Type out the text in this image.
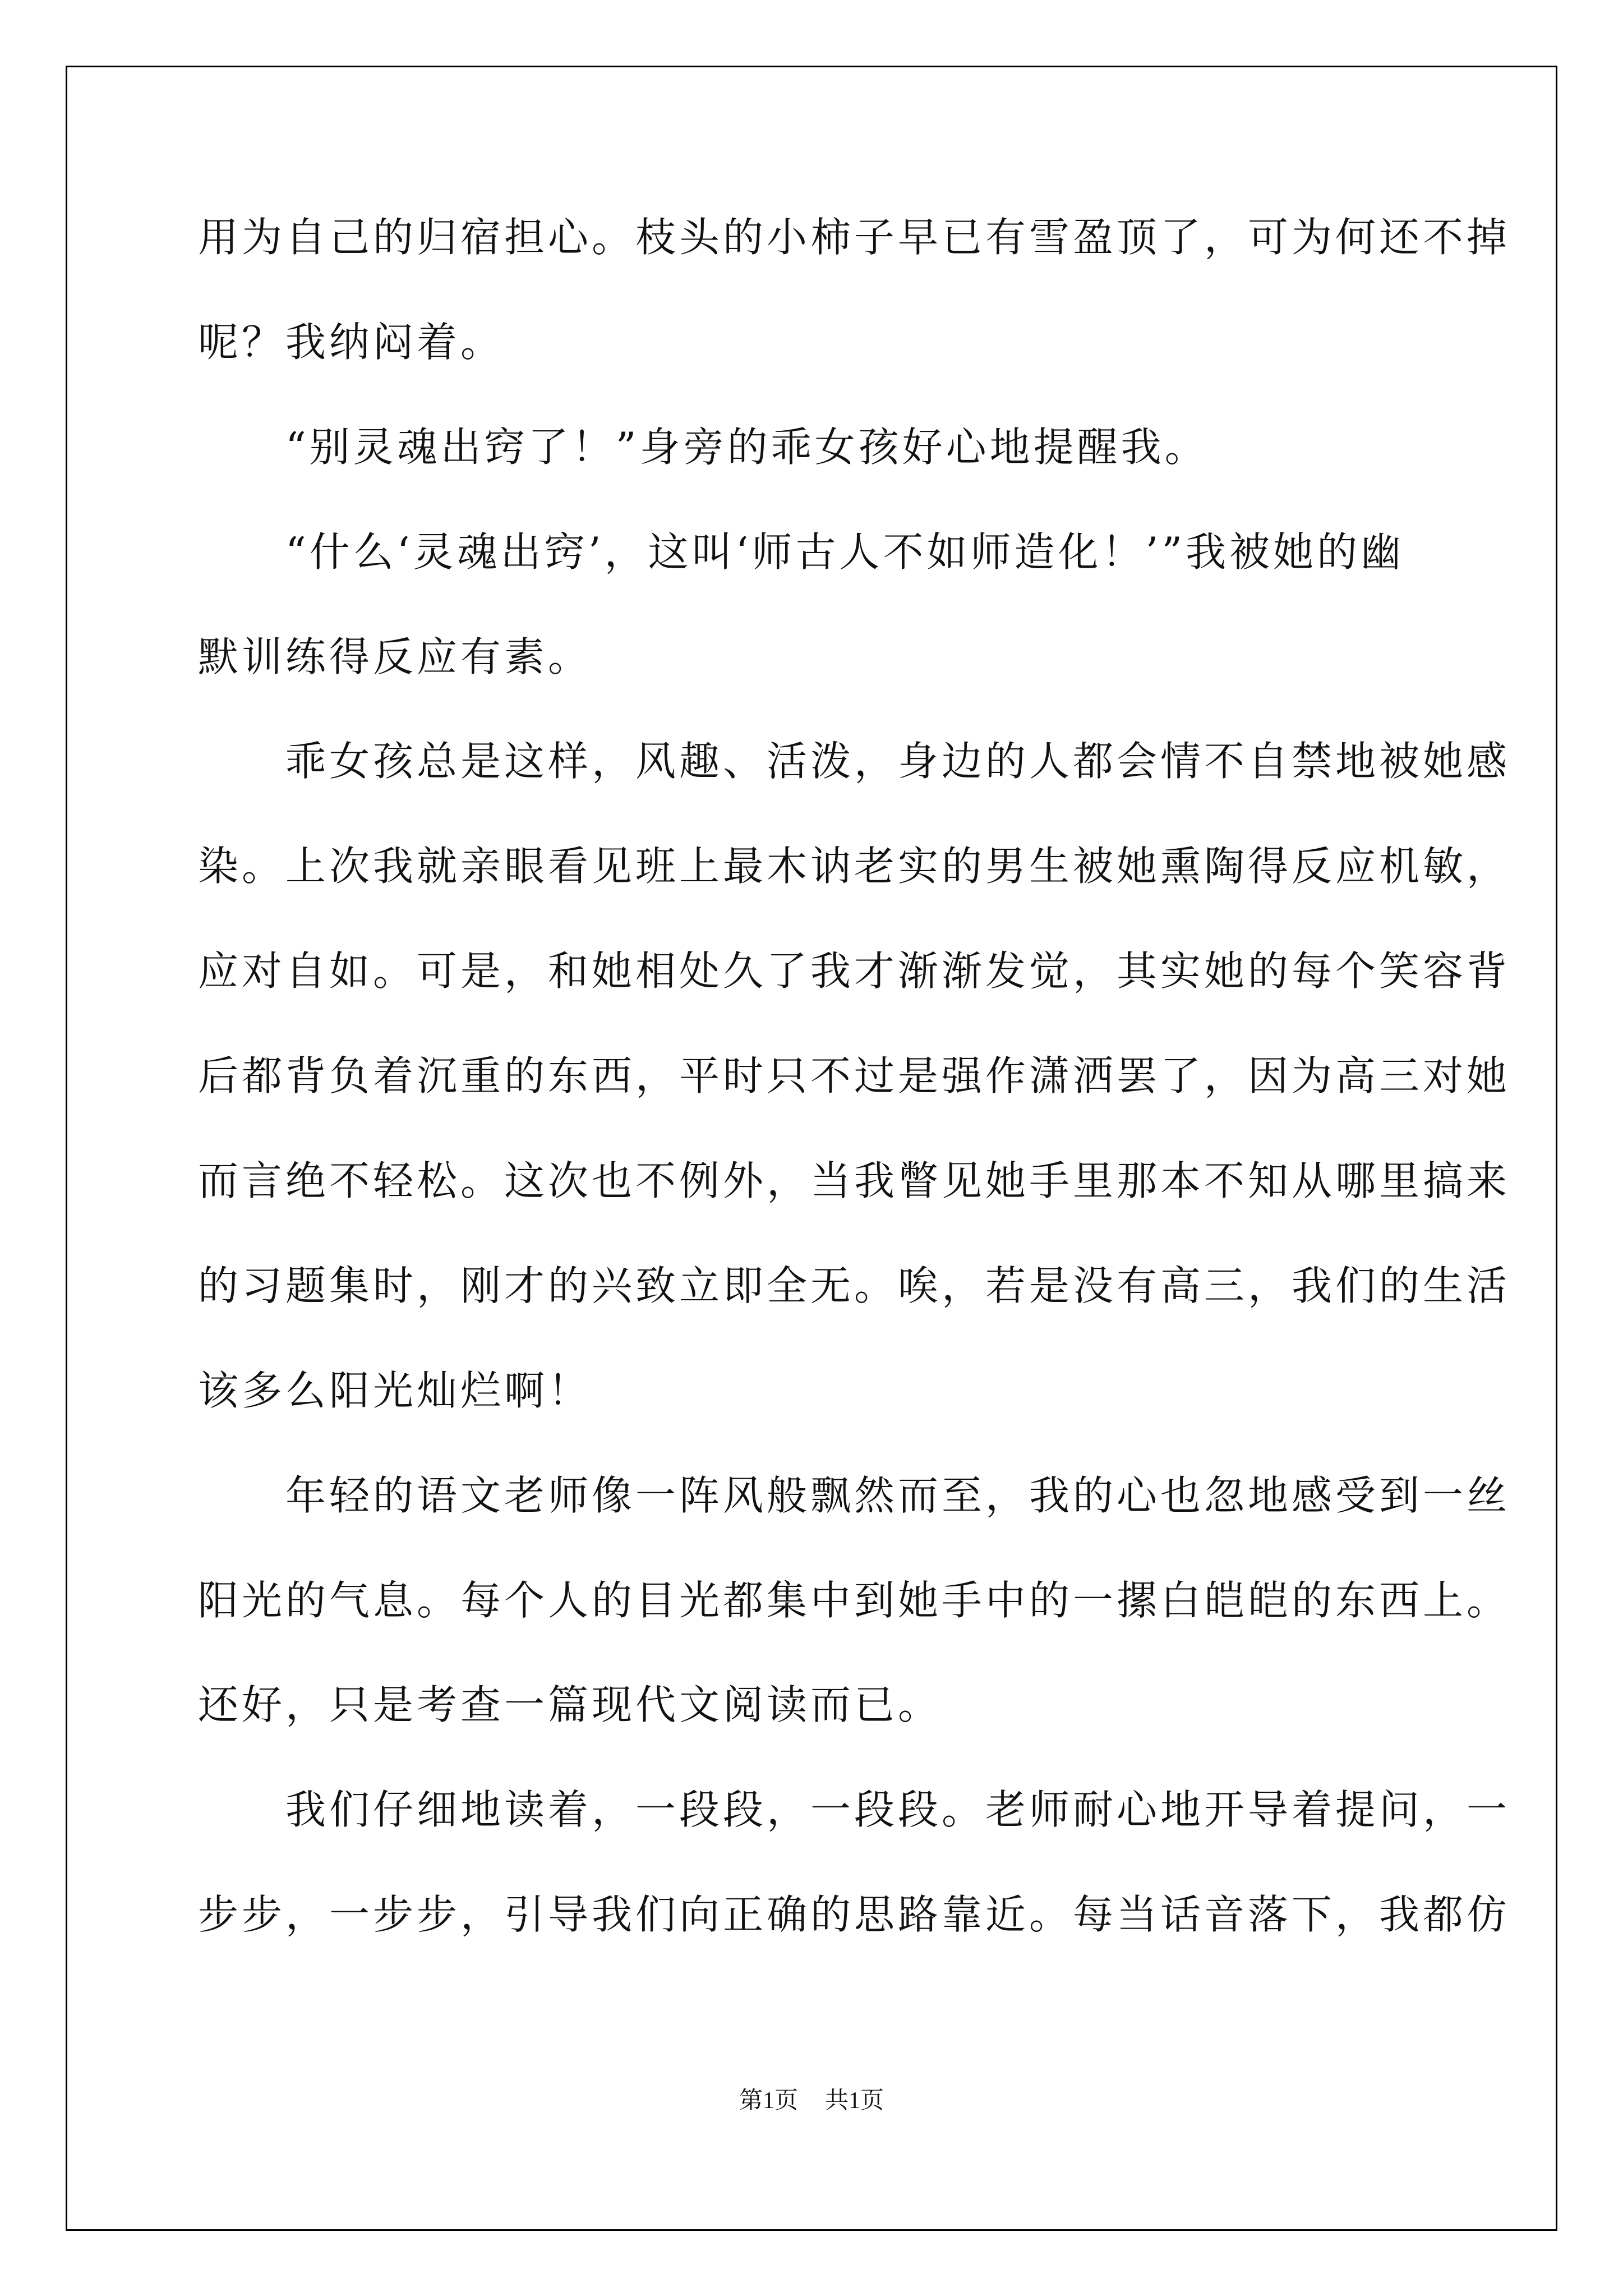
用为自己的归宿担心。枝头的小柿子早已有雪盈顶了，可为何还不掉
呢？我纳闷着。
　　“别灵魂出窍了！”身旁的乖女孩好心地提醒我。
　　“什么‘灵魂出窍’，这叫‘师古人不如师造化！’”我被她的幽
默训练得反应有素。
　　乖女孩总是这样，风趣、活泼，身边的人都会情不自禁地被她感
染。上次我就亲眼看见班上最木讷老实的男生被她熏陶得反应机敏，
应对自如。可是，和她相处久了我才渐渐发觉，其实她的每个笑容背
后都背负着沉重的东西，平时只不过是强作潇洒罢了，因为高三对她
而言绝不轻松。这次也不例外，当我瞥见她手里那本不知从哪里搞来
的习题集时，刚才的兴致立即全无。唉，若是没有高三，我们的生活
该多么阳光灿烂啊！
　　年轻的语文老师像一阵风般飘然而至，我的心也忽地感受到一丝
阳光的气息。每个人的目光都集中到她手中的一摞白皑皑的东西上。
还好，只是考查一篇现代文阅读而已。
　　我们仔细地读着，一段段，一段段。老师耐心地开导着提问，一
步步，一步步，引导我们向正确的思路靠近。每当话音落下，我都仿
第1页 共1页
